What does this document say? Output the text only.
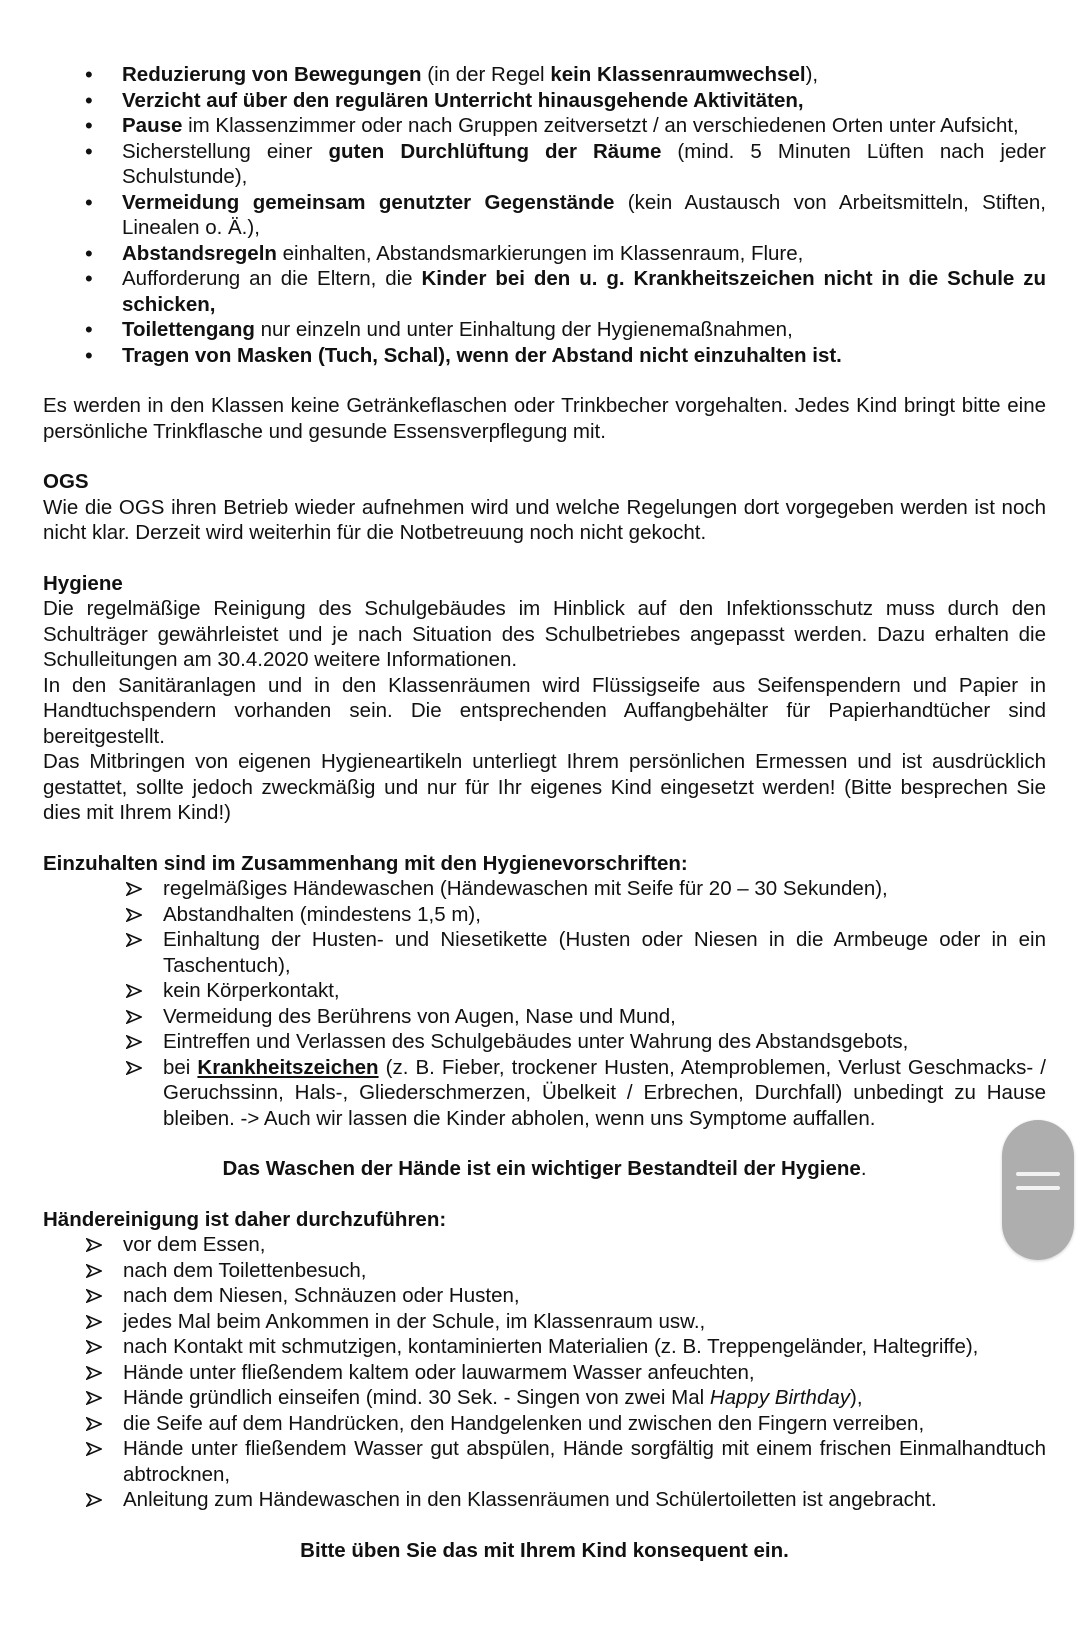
• Reduzierung von Bewegungen (in der Regel kein Klassenraumwechsel),
• Verzicht auf über den regulären Unterricht hinausgehende Aktivitäten,
• Pause im Klassenzimmer oder nach Gruppen zeitversetzt / an verschiedenen Orten unter Aufsicht,
• Sicherstellung einer guten Durchlüftung der Räume (mind. 5 Minuten Lüften nach jeder Schulstunde),
• Vermeidung gemeinsam genutzter Gegenstände (kein Austausch von Arbeitsmitteln, Stiften, Linealen o. Ä.),
• Abstandsregeln einhalten, Abstandsmarkierungen im Klassenraum, Flure,
• Aufforderung an die Eltern, die Kinder bei den u. g. Krankheitszeichen nicht in die Schule zu schicken,
• Toilettengang nur einzeln und unter Einhaltung der Hygienemaßnahmen,
• Tragen von Masken (Tuch, Schal), wenn der Abstand nicht einzuhalten ist.

Es werden in den Klassen keine Getränkeflaschen oder Trinkbecher vorgehalten. Jedes Kind bringt bitte eine persönliche Trinkflasche und gesunde Essensverpflegung mit.

OGS

Wie die OGS ihren Betrieb wieder aufnehmen wird und welche Regelungen dort vorgegeben werden ist noch nicht klar. Derzeit wird weiterhin für die Notbetreuung noch nicht gekocht.

Hygiene

Die regelmäßige Reinigung des Schulgebäudes im Hinblick auf den Infektionsschutz muss durch den Schulträger gewährleistet und je nach Situation des Schulbetriebes angepasst werden. Dazu erhalten die Schulleitungen am 30.4.2020 weitere Informationen.

In den Sanitäranlagen und in den Klassenräumen wird Flüssigseife aus Seifenspendern und Papier in Handtuchspendern vorhanden sein. Die entsprechenden Auffangbehälter für Papierhandtücher sind bereitgestellt.

Das Mitbringen von eigenen Hygieneartikeln unterliegt Ihrem persönlichen Ermessen und ist ausdrücklich gestattet, sollte jedoch zweckmäßig und nur für Ihr eigenes Kind eingesetzt werden! (Bitte besprechen Sie dies mit Ihrem Kind!)

Einzuhalten sind im Zusammenhang mit den Hygienevorschriften:
regelmäßiges Händewaschen (Händewaschen mit Seife für 20 – 30 Sekunden),
Abstandhalten (mindestens 1,5 m),
Einhaltung der Husten- und Niesetikette (Husten oder Niesen in die Armbeuge oder in ein Taschentuch),
kein Körperkontakt,
Vermeidung des Berührens von Augen, Nase und Mund,
Eintreffen und Verlassen des Schulgebäudes unter Wahrung des Abstandsgebots,
bei Krankheitszeichen (z. B. Fieber, trockener Husten, Atemproblemen, Verlust Geschmacks- / Geruchssinn, Hals-, Gliederschmerzen, Übelkeit / Erbrechen, Durchfall) unbedingt zu Hause bleiben. -> Auch wir lassen die Kinder abholen, wenn uns Symptome auffallen.
Das Waschen der Hände ist ein wichtiger Bestandteil der Hygiene.
Händereinigung ist daher durchzuführen:
vor dem Essen,
nach dem Toilettenbesuch,
nach dem Niesen, Schnäuzen oder Husten,
jedes Mal beim Ankommen in der Schule, im Klassenraum usw.,
nach Kontakt mit schmutzigen, kontaminierten Materialien (z. B. Treppengeländer, Haltegriffe),
Hände unter fließendem kaltem oder lauwarmem Wasser anfeuchten,
Hände gründlich einseifen (mind. 30 Sek. - Singen von zwei Mal Happy Birthday),
die Seife auf dem Handrücken, den Handgelenken und zwischen den Fingern verreiben,
Hände unter fließendem Wasser gut abspülen, Hände sorgfältig mit einem frischen Einmalhandtuch abtrocknen,
Anleitung zum Händewaschen in den Klassenräumen und Schülertoiletten ist angebracht.
Bitte üben Sie das mit Ihrem Kind konsequent ein.
